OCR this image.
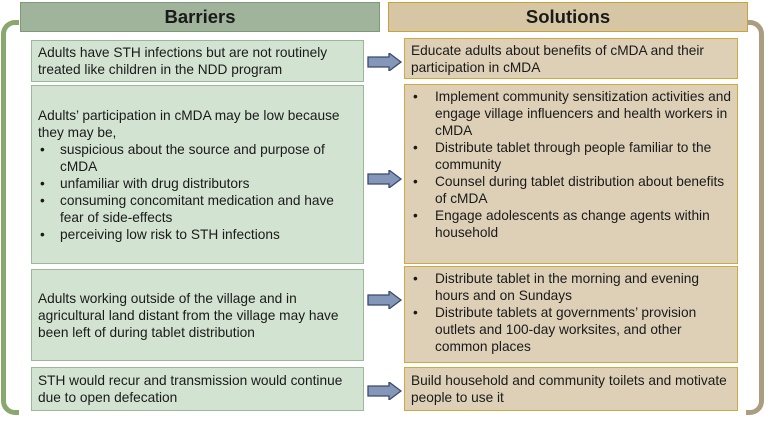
Barriers	Solutions

Adults have STH infections but are not routinely treated like children in the NDD program

Educate adults about benefits of cMDA and their participation in cMDA

Adults’ participation in cMDA may be low because they may be,

• suspicious about the source and purpose of cMDA
• unfamiliar with drug distributors
• consuming concomitant medication and have fear of side-effects
• perceiving low risk to STH infections
• Implement community sensitization activities and engage village influencers and health workers in cMDA
• Distribute tablet through people familiar to the community
• Counsel during tablet distribution about benefits of cMDA
• Engage adolescents as change agents within household

Adults working outside of the village and in agricultural land distant from the village may have been left of during tablet distribution

• Distribute tablet in the morning and evening hours and on Sundays
• Distribute tablets at governments’ provision outlets and 100-day worksites, and other common places

STH would recur and transmission would continue due to open defecation

Build household and community toilets and motivate people to use it
